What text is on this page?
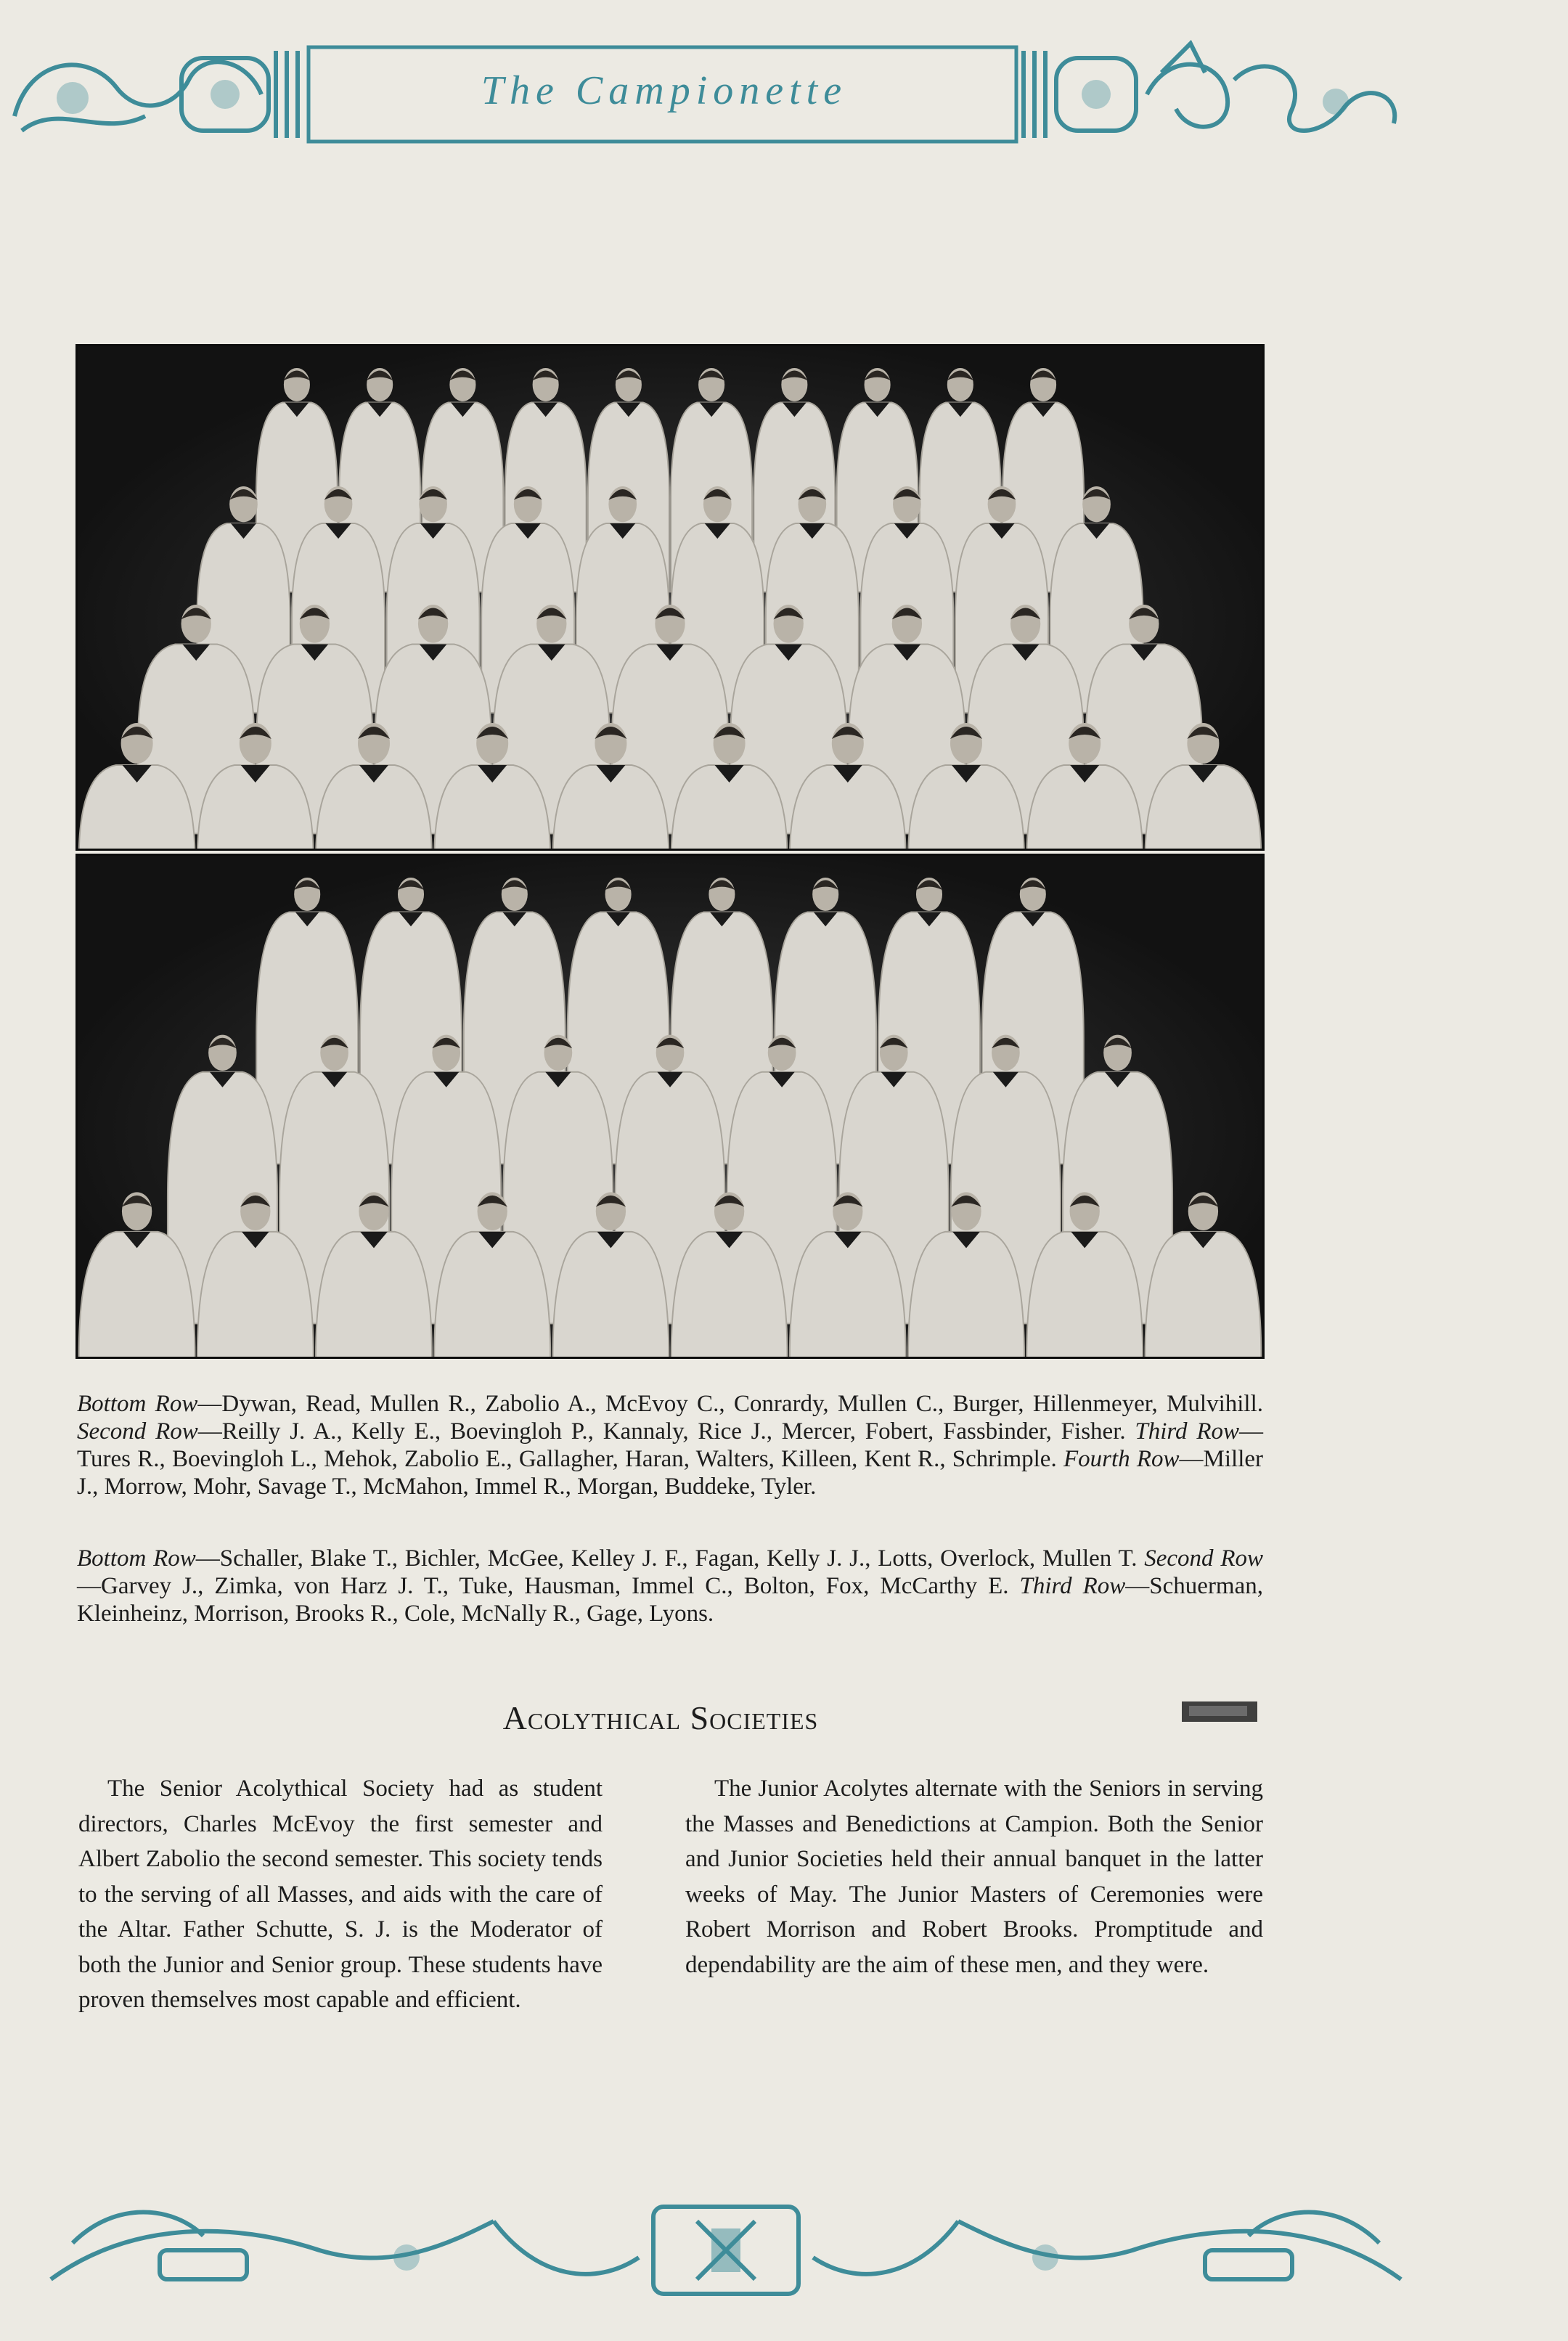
The Campionette
Bottom Row—Dywan, Read, Mullen R., Zabolio A., McEvoy C., Conrardy, Mullen C., Burger, Hillenmeyer, Mulvihill. Second Row—Reilly J. A., Kelly E., Boevingloh P., Kannaly, Rice J., Mercer, Fobert, Fassbinder, Fisher. Third Row—Tures R., Boevingloh L., Mehok, Zabolio E., Gallagher, Haran, Walters, Killeen, Kent R., Schrimple. Fourth Row—Miller J., Morrow, Mohr, Savage T., McMahon, Immel R., Morgan, Buddeke, Tyler.
Bottom Row—Schaller, Blake T., Bichler, McGee, Kelley J. F., Fagan, Kelly J. J., Lotts, Overlock, Mullen T. Second Row—Garvey J., Zimka, von Harz J. T., Tuke, Hausman, Immel C., Bolton, Fox, McCarthy E. Third Row—Schuerman, Kleinheinz, Morrison, Brooks R., Cole, McNally R., Gage, Lyons.
Acolythical Societies

The Senior Acolythical Society had as student directors, Charles McEvoy the first semester and Albert Zabolio the second semester. This society tends to the serving of all Masses, and aids with the care of the Altar. Father Schutte, S. J. is the Moderator of both the Junior and Senior group. These students have proven themselves most capable and efficient.

The Junior Acolytes alternate with the Seniors in serving the Masses and Benedictions at Campion. Both the Senior and Junior Societies held their annual banquet in the latter weeks of May. The Junior Masters of Ceremonies were Robert Morrison and Robert Brooks. Promptitude and dependability are the aim of these men, and they were.
